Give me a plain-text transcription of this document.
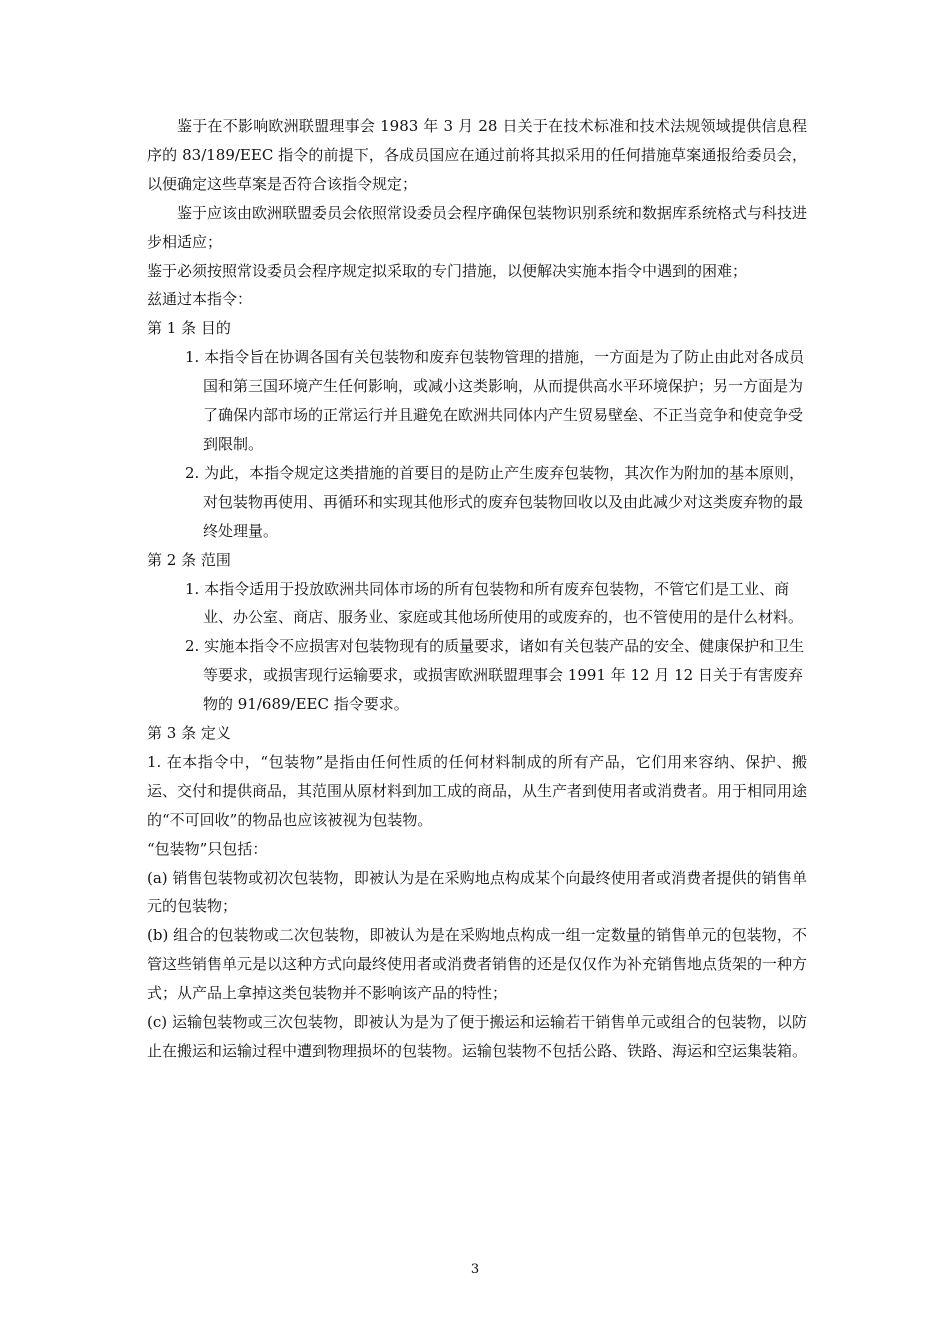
鉴于在不影响欧洲联盟理事会 1983 年 3 月 28 日关于在技术标准和技术法规领域提供信息程序的 83/189/EEC 指令的前提下，各成员国应在通过前将其拟采用的任何措施草案通报给委员会，以便确定这些草案是否符合该指令规定；

鉴于应该由欧洲联盟委员会依照常设委员会程序确保包装物识别系统和数据库系统格式与科技进步相适应；

鉴于必须按照常设委员会程序规定拟采取的专门措施，以便解决实施本指令中遇到的困难；

兹通过本指令：

第 1 条 目的

1. 本指令旨在协调各国有关包装物和废弃包装物管理的措施，一方面是为了防止由此对各成员国和第三国环境产生任何影响，或减小这类影响，从而提供高水平环境保护；另一方面是为了确保内部市场的正常运行并且避免在欧洲共同体内产生贸易壁垒、不正当竞争和使竞争受到限制。

2. 为此，本指令规定这类措施的首要目的是防止产生废弃包装物，其次作为附加的基本原则，对包装物再使用、再循环和实现其他形式的废弃包装物回收以及由此减少对这类废弃物的最终处理量。

第 2 条 范围

1. 本指令适用于投放欧洲共同体市场的所有包装物和所有废弃包装物，不管它们是工业、商业、办公室、商店、服务业、家庭或其他场所使用的或废弃的，也不管使用的是什么材料。

2. 实施本指令不应损害对包装物现有的质量要求，诸如有关包装产品的安全、健康保护和卫生等要求，或损害现行运输要求，或损害欧洲联盟理事会 1991 年 12 月 12 日关于有害废弃物的 91/689/EEC 指令要求。

第 3 条 定义

1. 在本指令中，“包装物”是指由任何性质的任何材料制成的所有产品，它们用来容纳、保护、搬运、交付和提供商品，其范围从原材料到加工成的商品，从生产者到使用者或消费者。用于相同用途的“不可回收”的物品也应该被视为包装物。

“包装物”只包括：

(a) 销售包装物或初次包装物，即被认为是在采购地点构成某个向最终使用者或消费者提供的销售单元的包装物；

(b) 组合的包装物或二次包装物，即被认为是在采购地点构成一组一定数量的销售单元的包装物，不管这些销售单元是以这种方式向最终使用者或消费者销售的还是仅仅作为补充销售地点货架的一种方式；从产品上拿掉这类包装物并不影响该产品的特性；

(c) 运输包装物或三次包装物，即被认为是为了便于搬运和运输若干销售单元或组合的包装物，以防止在搬运和运输过程中遭到物理损坏的包装物。运输包装物不包括公路、铁路、海运和空运集装箱。

3
